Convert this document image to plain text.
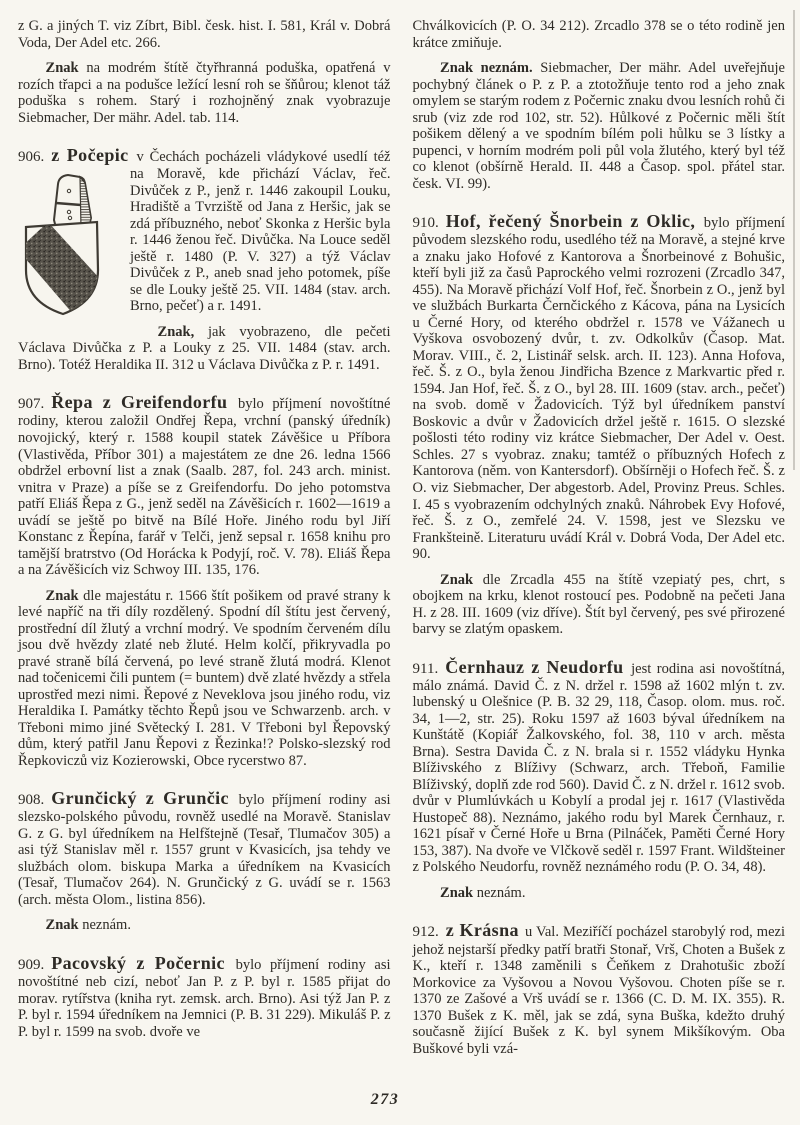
z G. a jiných T. viz Zíbrt, Bibl. česk. hist. I. 581, Král v. Dobrá Voda, Der Adel etc. 266.

Znak na modrém štítě čtyřhranná poduška, opatřená v rozích třapci a na podušce ležící lesní roh se šňůrou; klenot táž poduška s rohem. Starý i rozhojněný znak vyobrazuje Siebmacher, Der mähr. Adel. tab. 114.

906. z Počepic v Čechách pocházeli vládykové usedlí též na Moravě, kde přichází Václav, řeč. Divůček z P., jenž r. 1446 zakoupil Louku, Hradiště a Tvrziště od Jana z Heršic, jak se zdá příbuzného, neboť Skonka z Heršic byla r. 1446 ženou řeč. Divůčka. Na Louce seděl ještě r. 1480 (P. V. 327) a týž Václav Divůček z P., aneb snad jeho potomek, píše se dle Louky ještě 25. VII. 1484 (stav. arch. Brno, pečeť) a r. 1491.

Znak, jak vyobrazeno, dle pečeti Václava Divůčka z P. a Louky z 25. VII. 1484 (stav. arch. Brno). Totéž Heraldika II. 312 u Václava Divůčka z P. r. 1491.

907. Řepa z Greifendorfu bylo příjmení novoštítné rodiny, kterou založil Ondřej Řepa, vrchní (panský úředník) novojický, který r. 1588 koupil statek Závěšice u Příbora (Vlastivěda, Příbor 301) a majestátem ze dne 26. ledna 1566 obdržel erbovní list a znak (Saalb. 287, fol. 243 arch. minist. vnitra v Praze) a píše se z Greifendorfu. Do jeho potomstva patří Eliáš Řepa z G., jenž seděl na Závěšicích r. 1602—1619 a uvádí se ještě po bitvě na Bílé Hoře. Jiného rodu byl Jiří Konstanc z Řepína, farář v Telči, jenž sepsal r. 1658 knihu pro tamější bratrstvo (Od Horácka k Podyjí, roč. V. 78). Eliáš Řepa a na Závěšicích viz Schwoy III. 135, 176.

Znak dle majestátu r. 1566 štít pošikem od pravé strany k levé napříč na tři díly rozdělený. Spodní díl štítu jest červený, prostřední díl žlutý a vrchní modrý. Ve spodním červeném dílu jsou dvě hvězdy zlaté neb žluté. Helm kolčí, přikryvadla po pravé straně bílá červená, po levé straně žlutá modrá. Klenot nad točenicemi čili puntem (= buntem) dvě zlaté hvězdy a střela uprostřed mezi nimi. Řepové z Neveklova jsou jiného rodu, viz Heraldika I. Památky těchto Řepů jsou ve Schwarzenb. arch. v Třeboni mimo jiné Světecký I. 281. V Třeboni byl Řepovský dům, který patřil Janu Řepovi z Řezinka!? Polsko-slezský rod Řepkoviczů viz Kozierowski, Obce rycerstwo 87.

908. Grunčický z Grunčic bylo příjmení rodiny asi slezsko-polského původu, rovněž usedlé na Moravě. Stanislav G. z G. byl úředníkem na Helfštejně (Tesař, Tlumačov 305) a asi týž Stanislav měl r. 1557 grunt v Kvasicích, jsa tehdy ve službách olom. biskupa Marka a úředníkem na Kvasicích (Tesař, Tlumačov 264). N. Grunčický z G. uvádí se r. 1563 (arch. města Olom., listina 856).

Znak neznám.

909. Pacovský z Počernic bylo příjmení rodiny asi novoštítné neb cizí, neboť Jan P. z P. byl r. 1585 přijat do morav. rytířstva (kniha ryt. zemsk. arch. Brno). Asi týž Jan P. z P. byl r. 1594 úředníkem na Jemnici (P. B. 31 229). Mikuláš P. z P. byl r. 1599 na svob. dvoře ve

Chválkovicích (P. O. 34 212). Zrcadlo 378 se o této rodině jen krátce zmiňuje.

Znak neznám. Siebmacher, Der mähr. Adel uveřejňuje pochybný článek o P. z P. a ztotožňuje tento rod a jeho znak omylem se starým rodem z Počernic znaku dvou lesních rohů či srub (viz zde rod 102, str. 52). Hůlkové z Počernic měli štít pošikem dělený a ve spodním bílém poli hůlku se 3 lístky a pupenci, v horním modrém poli půl vola žlutého, který byl též co klenot (obšírně Herald. II. 448 a Časop. spol. přátel star. česk. VI. 99).

910. Hof, řečený Šnorbein z Oklic, bylo příjmení původem slezského rodu, usedlého též na Moravě, a stejné krve a znaku jako Hofové z Kantorova a Šnorbeinové z Bohušic, kteří byli již za časů Paprockého velmi rozrozeni (Zrcadlo 347, 455). Na Moravě přichází Volf Hof, řeč. Šnorbein z O., jenž byl ve službách Burkarta Černčického z Kácova, pána na Lysicích u Černé Hory, od kterého obdržel r. 1578 ve Vážanech u Vyškova osvobozený dvůr, t. zv. Odkolkův (Časop. Mat. Morav. VIII., č. 2, Listinář selsk. arch. II. 123). Anna Hofova, řeč. Š. z O., byla ženou Jindřicha Bzence z Markvartic před r. 1594. Jan Hof, řeč. Š. z O., byl 28. III. 1609 (stav. arch., pečeť) na svob. domě v Žadovicích. Týž byl úředníkem panství Boskovic a dvůr v Žadovicích držel ještě r. 1615. O slezské pošlosti této rodiny viz krátce Siebmacher, Der Adel v. Oest. Schles. 27 s vyobraz. znaku; tamtéž o příbuzných Hofech z Kantorova (něm. von Kantersdorf). Obšírněji o Hofech řeč. Š. z O. viz Siebmacher, Der abgestorb. Adel, Provinz Preus. Schles. I. 45 s vyobrazením odchylných znaků. Náhrobek Evy Hofové, řeč. Š. z O., zemřelé 24. V. 1598, jest ve Slezsku ve Frankšteině. Literaturu uvádí Král v. Dobrá Voda, Der Adel etc. 90.

Znak dle Zrcadla 455 na štítě vzepiatý pes, chrt, s obojkem na krku, klenot rostoucí pes. Podobně na pečeti Jana H. z 28. III. 1609 (viz dříve). Štít byl červený, pes své přirozené barvy se zlatým opaskem.

911. Černhauz z Neudorfu jest rodina asi novoštítná, málo známá. David Č. z N. držel r. 1598 až 1602 mlýn t. zv. lubenský u Olešnice (P. B. 32 29, 118, Časop. olom. mus. roč. 34, 1—2, str. 25). Roku 1597 až 1603 býval úředníkem na Kunštátě (Kopiář Žalkovského, fol. 38, 110 v arch. města Brna). Sestra Davida Č. z N. brala si r. 1552 vládyku Hynka Blíživského z Blíživy (Schwarz, arch. Třeboň, Familie Blíživský, doplň zde rod 560). David Č. z N. držel r. 1612 svob. dvůr v Plumlúvkách u Kobylí a prodal jej r. 1617 (Vlastivěda Hustopeč 88). Neznámo, jakého rodu byl Marek Černhauz, r. 1621 písař v Černé Hoře u Brna (Pilnáček, Paměti Černé Hory 153, 387). Na dvoře ve Vlčkově seděl r. 1597 Frant. Wildšteiner z Polského Neudorfu, rovněž neznámého rodu (P. O. 34, 48).

Znak neznám.

912. z Krásna u Val. Meziříčí pocházel starobylý rod, mezi jehož nejstarší předky patří bratři Stonař, Vrš, Choten a Bušek z K., kteří r. 1348 zaměnili s Čeňkem z Drahotušic zboží Morkovice za Vyšovou a Novou Vyšovou. Choten píše se r. 1370 ze Zašové a Vrš uvádí se r. 1366 (C. D. M. IX. 355). R. 1370 Bušek z K. měl, jak se zdá, syna Buška, kdežto druhý současně žijící Bušek z K. byl synem Mikšíkovým. Oba Buškové byli vzá-

273
